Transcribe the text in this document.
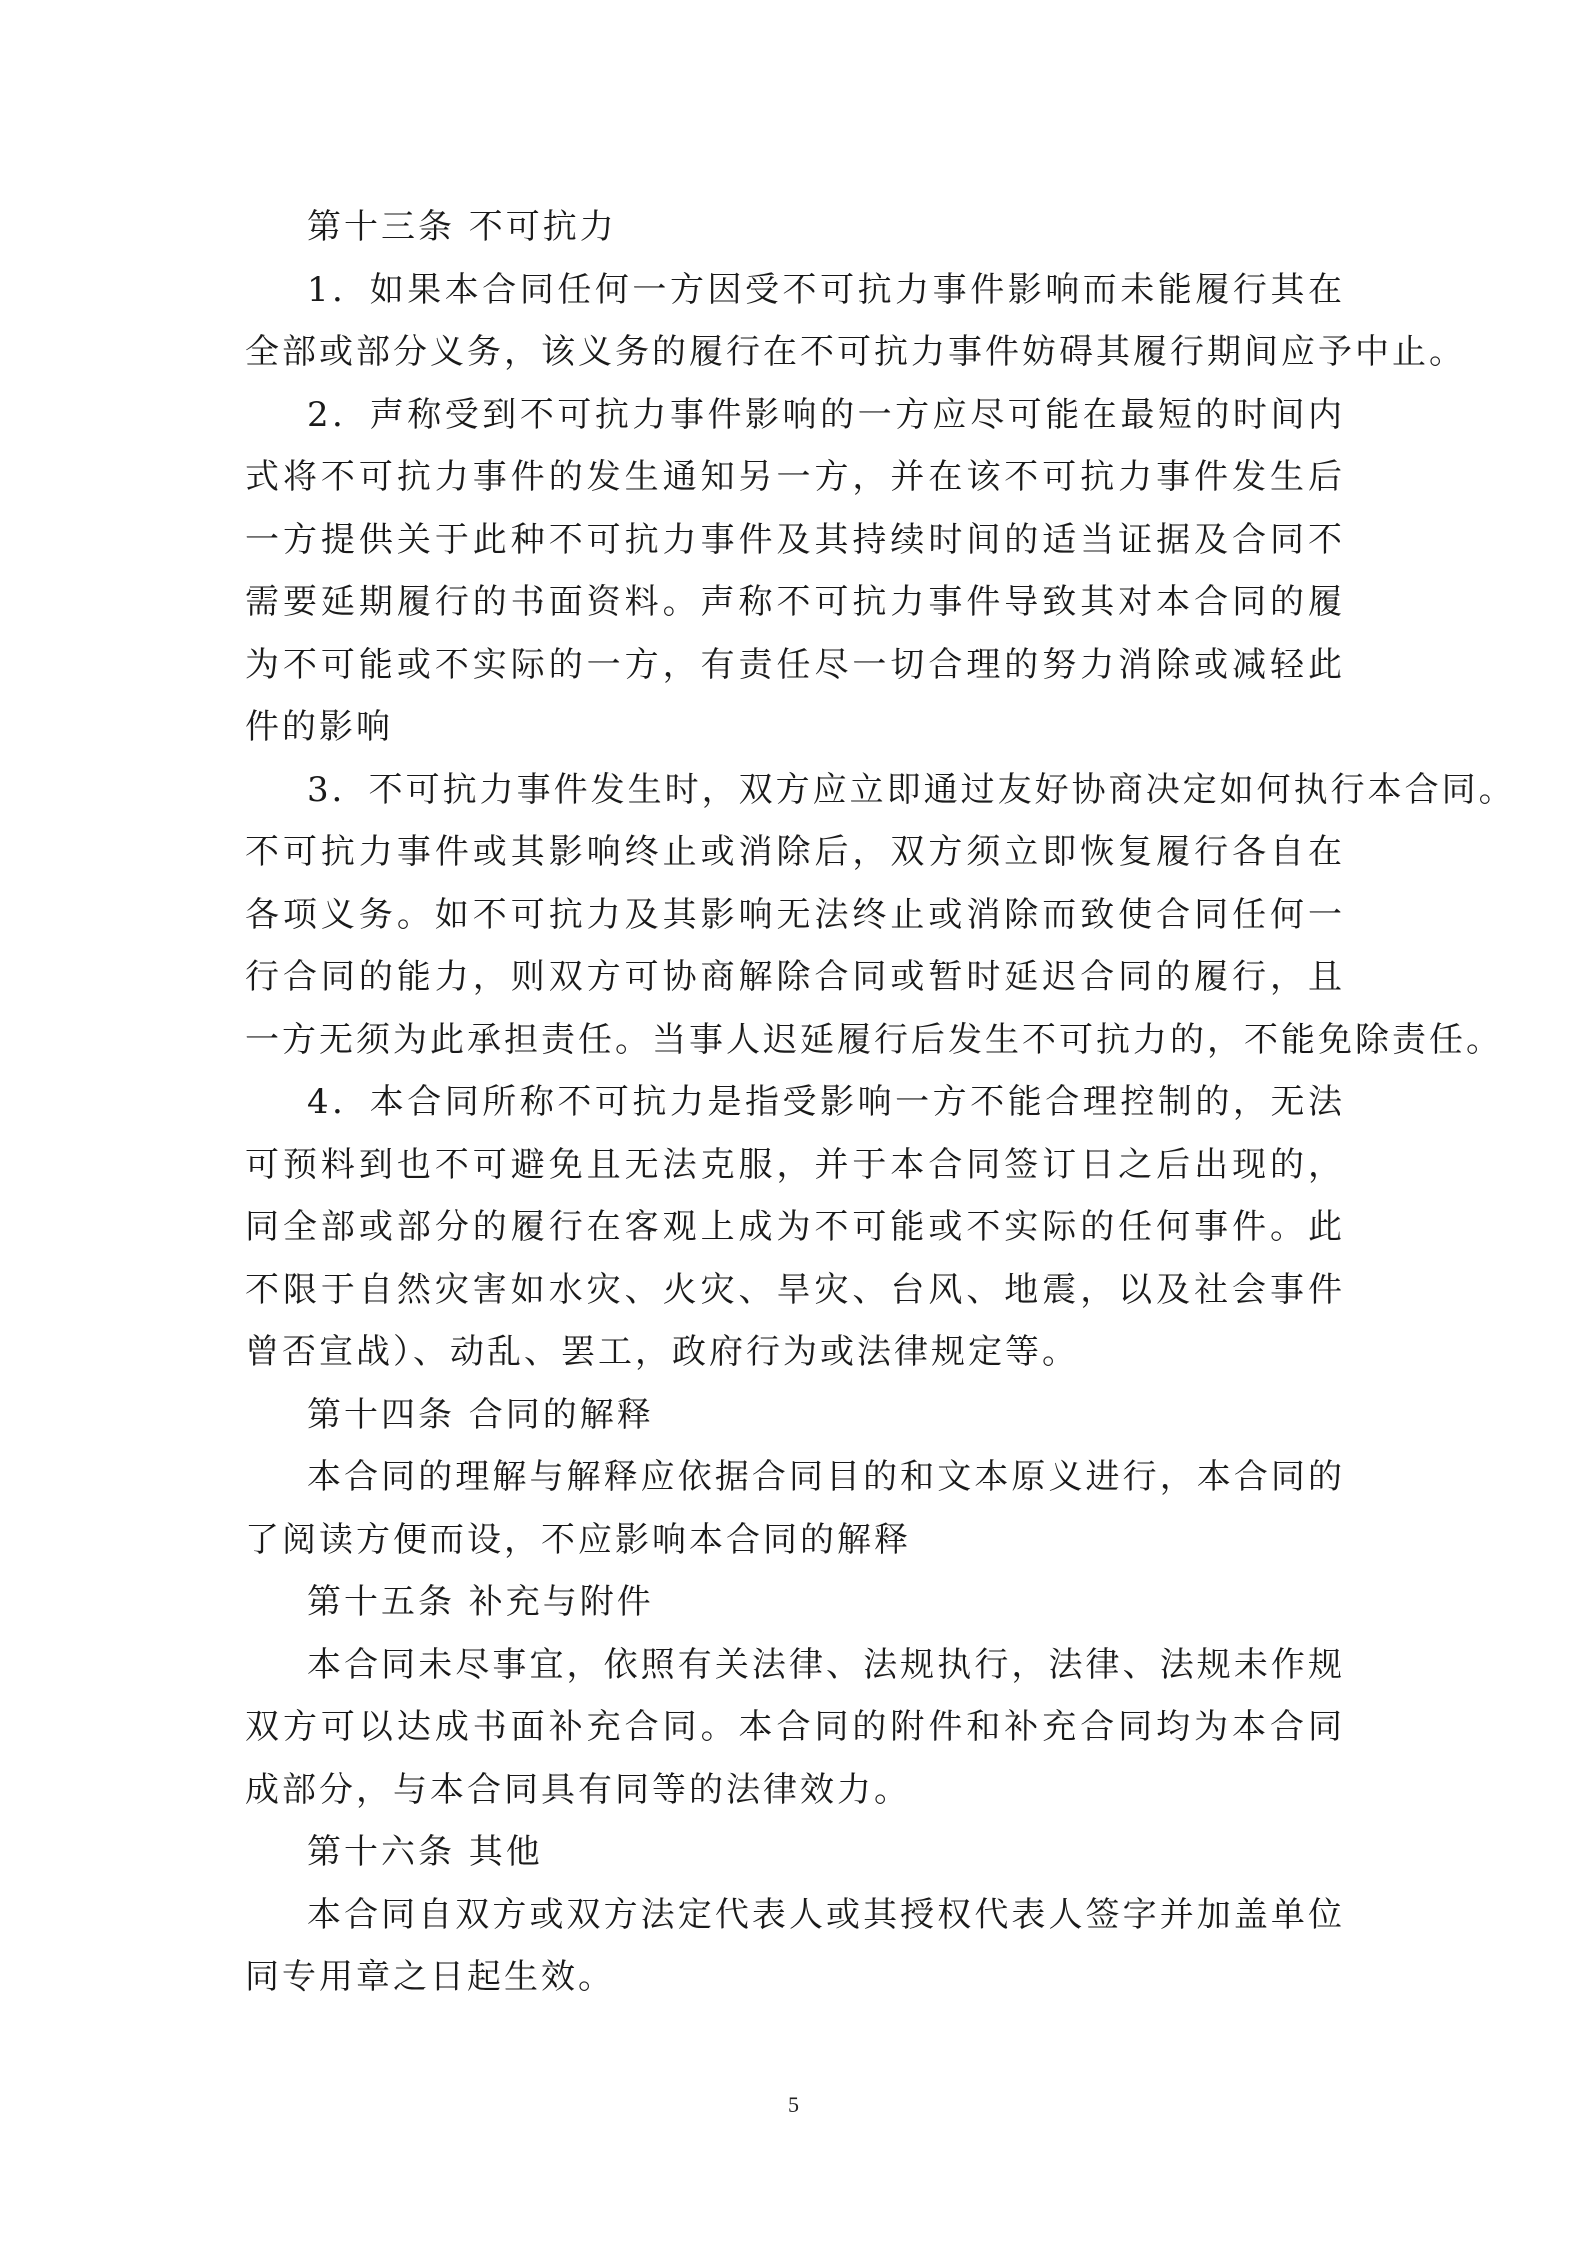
第十三条 不可抗力
1．如果本合同任何一方因受不可抗力事件影响而未能履行其在
全部或部分义务，该义务的履行在不可抗力事件妨碍其履行期间应予中止。
2．声称受到不可抗力事件影响的一方应尽可能在最短的时间内
式将不可抗力事件的发生通知另一方，并在该不可抗力事件发生后
一方提供关于此种不可抗力事件及其持续时间的适当证据及合同不
需要延期履行的书面资料。声称不可抗力事件导致其对本合同的履
为不可能或不实际的一方，有责任尽一切合理的努力消除或减轻此
件的影响
3．不可抗力事件发生时，双方应立即通过友好协商决定如何执行本合同。
不可抗力事件或其影响终止或消除后，双方须立即恢复履行各自在
各项义务。如不可抗力及其影响无法终止或消除而致使合同任何一
行合同的能力，则双方可协商解除合同或暂时延迟合同的履行，且
一方无须为此承担责任。当事人迟延履行后发生不可抗力的，不能免除责任。
4．本合同所称不可抗力是指受影响一方不能合理控制的，无法
可预料到也不可避免且无法克服，并于本合同签订日之后出现的，
同全部或部分的履行在客观上成为不可能或不实际的任何事件。此
不限于自然灾害如水灾、火灾、旱灾、台风、地震，以及社会事件
曾否宣战）、动乱、罢工，政府行为或法律规定等。
第十四条 合同的解释
本合同的理解与解释应依据合同目的和文本原义进行，本合同的
了阅读方便而设，不应影响本合同的解释
第十五条 补充与附件
本合同未尽事宜，依照有关法律、法规执行，法律、法规未作规
双方可以达成书面补充合同。本合同的附件和补充合同均为本合同
成部分，与本合同具有同等的法律效力。
第十六条 其他
本合同自双方或双方法定代表人或其授权代表人签字并加盖单位
同专用章之日起生效。
5
